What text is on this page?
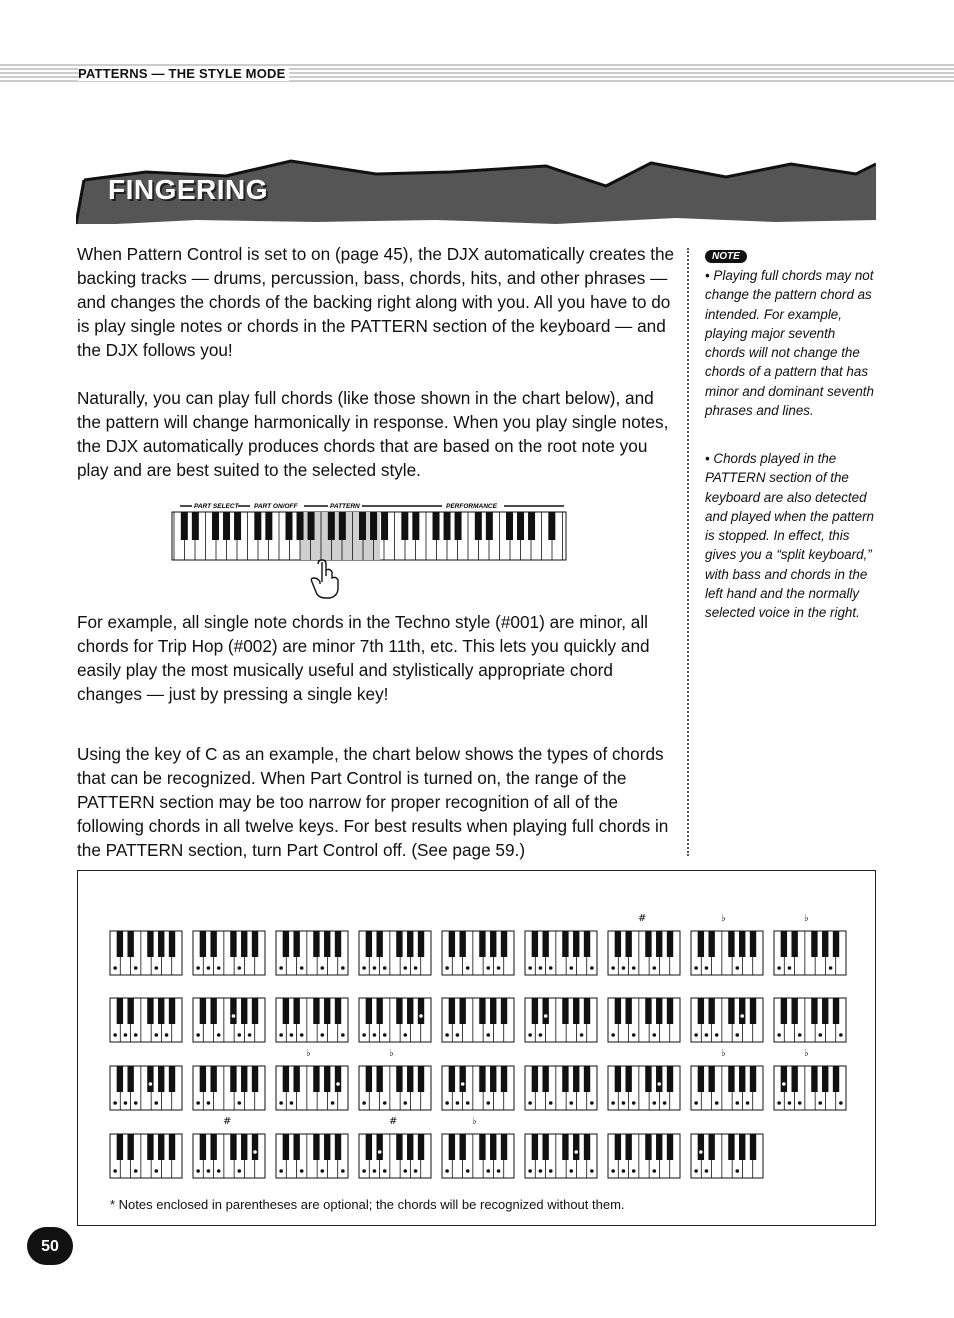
PATTERNS — THE STYLE MODE
FINGERING

When Pattern Control is set to on (page 45), the DJX automatically creates the backing tracks — drums, percussion, bass, chords, hits, and other phrases — and changes the chords of the backing right along with you. All you have to do is play single notes or chords in the PATTERN section of the keyboard — and the DJX follows you!

Naturally, you can play full chords (like those shown in the chart below), and the pattern will change harmonically in response. When you play single notes, the DJX automatically produces chords that are based on the root note you play and are best suited to the selected style.

For example, all single note chords in the Techno style (#001) are minor, all chords for Trip Hop (#002) are minor 7th 11th, etc. This lets you quickly and easily play the most musically useful and stylistically appropriate chord changes — just by pressing a single key!

Using the key of C as an example, the chart below shows the types of chords that can be recognized. When Part Control is turned on, the range of the PATTERN section may be too narrow for proper recognition of all of the following chords in all twelve keys. For best results when playing full chords in the PATTERN section, turn Part Control off. (See page 59.)

NOTE

• Playing full chords may not change the pattern chord as intended. For example, playing major seventh chords will not change the chords of a pattern that has minor and dominant seventh phrases and lines.

• Chords played in the PATTERN section of the keyboard are also detected and played when the pattern is stopped. In effect, this gives you a “split keyboard,” with bass and chords in the left hand and the normally selected voice in the right.

PART SELECT PART ON/OFF	PATTERN	PERFORMANCE
#	♭	♭
♭	♭	♭	♭
#	#	♭
* Notes enclosed in parentheses are optional; the chords will be recognized without them.
50
